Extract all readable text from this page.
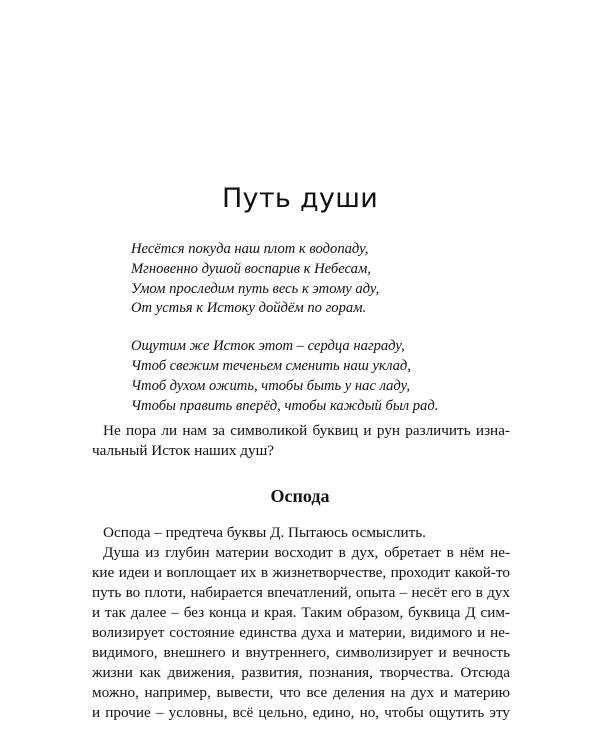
Путь души
Несётся покуда наш плот к водопаду,
Мгновенно душой воспарив к Небесам,
Умом проследим путь весь к этому аду,
От устья к Истоку дойдём по горам.
Ощутим же Исток этот – сердца награду,
Чтоб свежим теченьем сменить наш уклад,
Чтоб духом ожить, чтобы быть у нас ладу,
Чтобы править вперёд, чтобы каждый был рад.
Не пора ли нам за символикой буквиц и рун различить изна-
чальный Исток наших душ?
Оспода
Оспода – предтеча буквы Д. Пытаюсь осмыслить.
Душа из глубин материи восходит в дух, обретает в нём не-
кие идеи и воплощает их в жизнетворчестве, проходит какой-то
путь во плоти, набирается впечатлений, опыта – несёт его в дух
и так далее – без конца и края. Таким образом, буквица Д сим-
волизирует состояние единства духа и материи, видимого и не-
видимого, внешнего и внутреннего, символизирует и вечность
жизни как движения, развития, познания, творчества. Отсюда
можно, например, вывести, что все деления на дух и материю
и прочие – условны, всё цельно, едино, но, чтобы ощутить эту
